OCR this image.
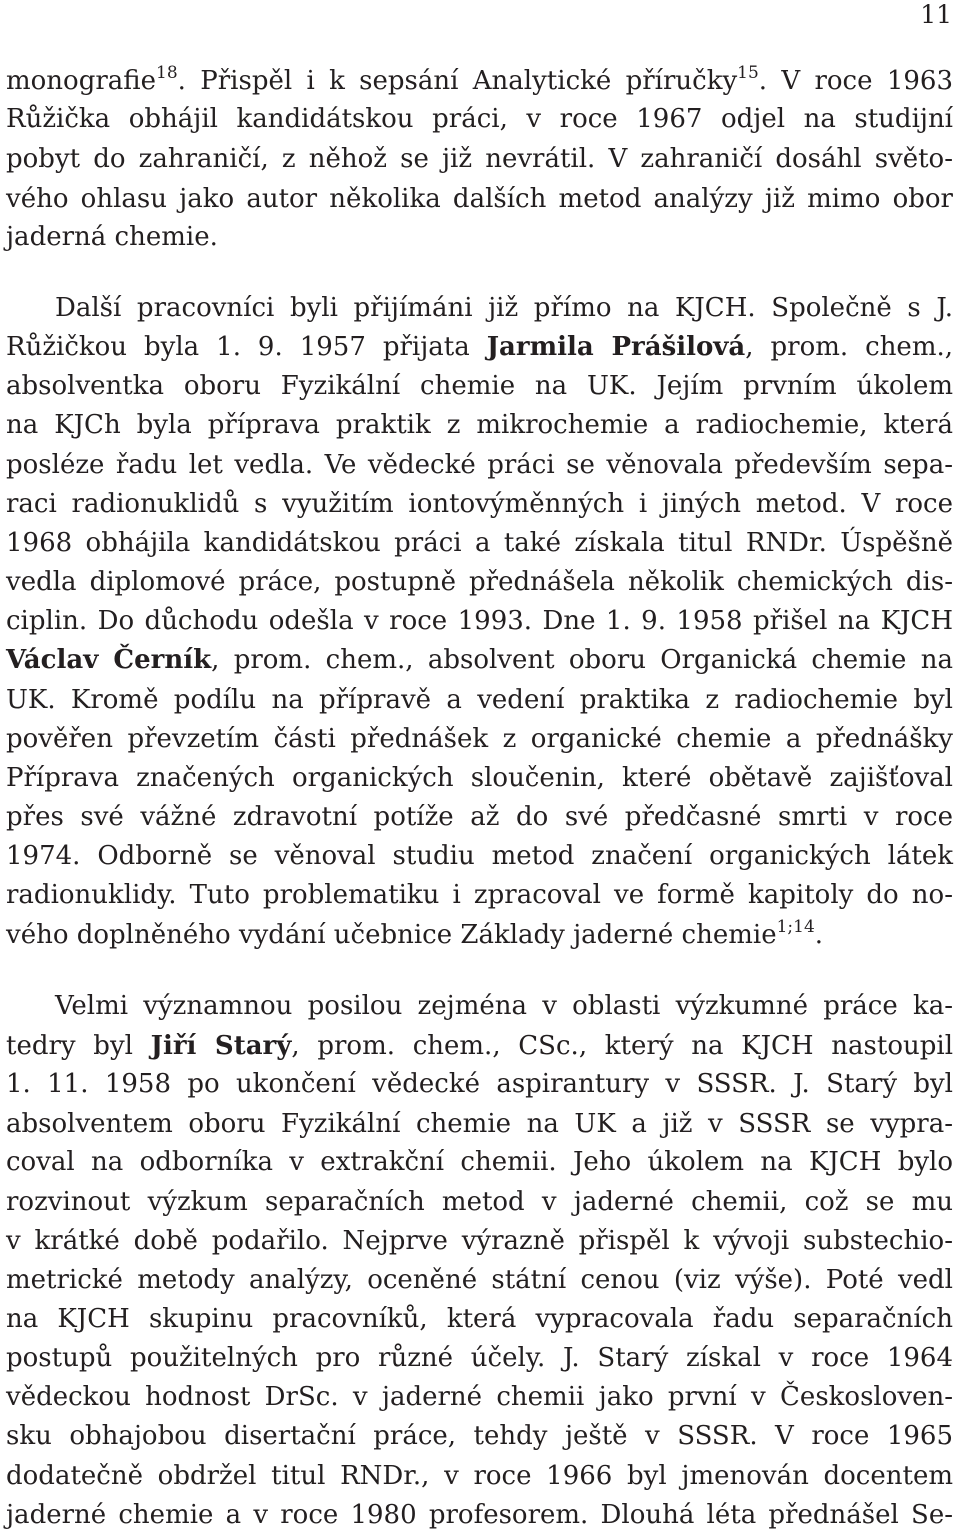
11
monografie$^{18}$. Přispěl i k sepsání Analytické příručky$^{15}$. V roce 1963
Růžička obhájil kandidátskou práci, v roce 1967 odjel na studijní
pobyt do zahraničí, z něhož se již nevrátil. V zahraničí dosáhl světo-
vého ohlasu jako autor několika dalších metod analýzy již mimo obor
jaderná chemie.
Další pracovníci byli přijímáni již přímo na KJCH. Společně s J.
Růžičkou byla 1. 9. 1957 přijata Jarmila Prášilová, prom. chem.,
absolventka oboru Fyzikální chemie na UK. Jejím prvním úkolem
na KJCh byla příprava praktik z mikrochemie a radiochemie, která
posléze řadu let vedla. Ve vědecké práci se věnovala především sepa-
raci radionuklidů s využitím iontovýměnných i jiných metod. V roce
1968 obhájila kandidátskou práci a také získala titul RNDr. Úspěšně
vedla diplomové práce, postupně přednášela několik chemických dis-
ciplin. Do důchodu odešla v roce 1993. Dne 1. 9. 1958 přišel na KJCH
Václav Černík, prom. chem., absolvent oboru Organická chemie na
UK. Kromě podílu na přípravě a vedení praktika z radiochemie byl
pověřen převzetím části přednášek z organické chemie a přednášky
Příprava značených organických sloučenin, které obětavě zajišťoval
přes své vážné zdravotní potíže až do své předčasné smrti v roce
1974. Odborně se věnoval studiu metod značení organických látek
radionuklidy. Tuto problematiku i zpracoval ve formě kapitoly do no-
vého doplněného vydání učebnice Základy jaderné chemie$^{1;14}$.
Velmi významnou posilou zejména v oblasti výzkumné práce ka-
tedry byl Jiří Starý, prom. chem., CSc., který na KJCH nastoupil
1. 11. 1958 po ukončení vědecké aspirantury v SSSR. J. Starý byl
absolventem oboru Fyzikální chemie na UK a již v SSSR se vypra-
coval na odborníka v extrakční chemii. Jeho úkolem na KJCH bylo
rozvinout výzkum separačních metod v jaderné chemii, což se mu
v krátké době podařilo. Nejprve výrazně přispěl k vývoji substechio-
metrické metody analýzy, oceněné státní cenou (viz výše). Poté vedl
na KJCH skupinu pracovníků, která vypracovala řadu separačních
postupů použitelných pro různé účely. J. Starý získal v roce 1964
vědeckou hodnost DrSc. v jaderné chemii jako první v Českosloven-
sku obhajobou disertační práce, tehdy ještě v SSSR. V roce 1965
dodatečně obdržel titul RNDr., v roce 1966 byl jmenován docentem
jaderné chemie a v roce 1980 profesorem. Dlouhá léta přednášel Se-
